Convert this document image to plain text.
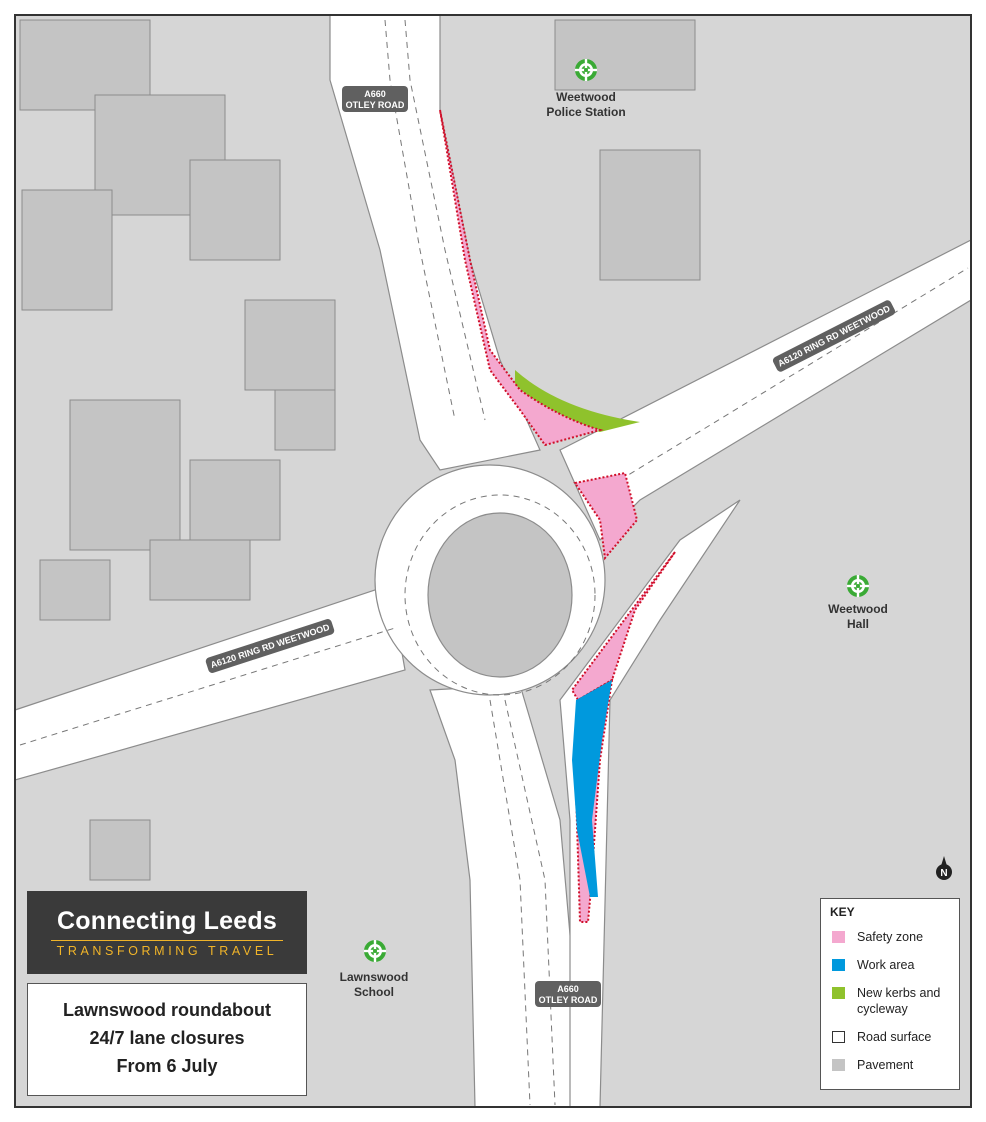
A660
OTLEY ROAD
A660
OTLEY ROAD
A6120 RING RD WEETWOOD
A6120 RING RD WEETWOOD
Weetwood
Police Station
Weetwood
Hall
Lawnswood
School
N
Connecting Leeds
TRANSFORMING TRAVEL
Lawnswood roundabout
24/7 lane closures
From 6 July
KEY
Safety zone
Work area
New kerbs and cycleway
Road surface
Pavement
